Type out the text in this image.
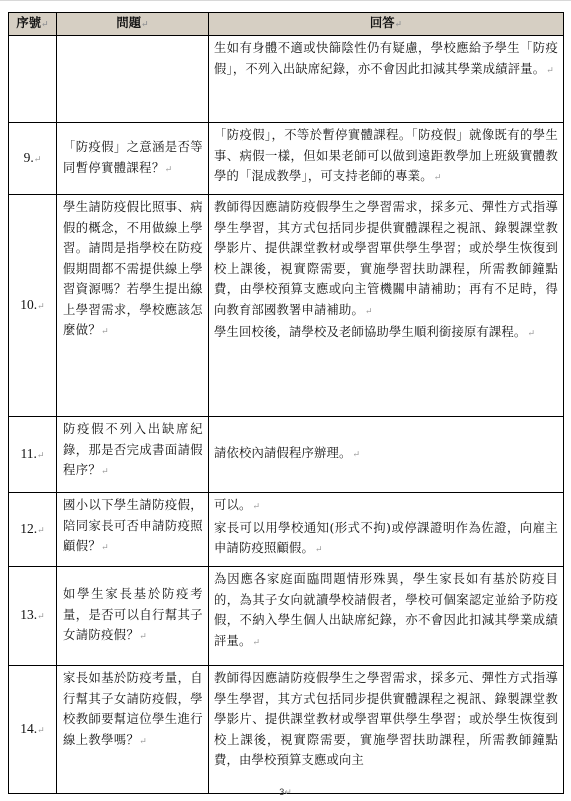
序號↵	問題↵	回答↵

		生如有身體不適或快篩陰性仍有疑慮，學校應給予學生「防疫假」，不列入出缺席紀錄，亦不會因此扣減其學業成績評量。 ↵

9.↵	「防疫假」之意涵是否等同暫停實體課程？↵	「防疫假」，不等於暫停實體課程。「防疫假」就像既有的學生事、病假一樣，但如果老師可以做到遠距教學加上班級實體教學的「混成教學」，可支持老師的專業。 ↵

10.↵	學生請防疫假比照事、病假的概念，不用做線上學習。請問是指學校在防疫假期間都不需提供線上學習資源嗎？若學生提出線上學習需求，學校應該怎麼做？↵	教師得因應請防疫假學生之學習需求，採多元、彈性方式指導學生學習，其方式包括同步提供實體課程之視訊、錄製課堂教學影片、提供課堂教材或學習單供學生學習；或於學生恢復到校上課後，視實際需要，實施學習扶助課程，所需教師鐘點費，由學校預算支應或向主管機關申請補助；再有不足時，得向教育部國教署申請補助。 ↵
學生回校後，請學校及老師協助學生順利銜接原有課程。 ↵

11.↵	防疫假不列入出缺席紀錄，那是否完成書面請假程序？↵	請依校內請假程序辦理。 ↵

12.↵	國小以下學生請防疫假，陪同家長可否申請防疫照顧假？↵	可以。 ↵
家長可以用學校通知(形式不拘)或停課證明作為佐證，向雇主申請防疫照顧假。 ↵

13.↵	如學生家長基於防疫考量，是否可以自行幫其子女請防疫假？↵	為因應各家庭面臨問題情形殊異，學生家長如有基於防疫目的，為其子女向就讀學校請假者，學校可個案認定並給予防疫假，不納入學生個人出缺席紀錄，亦不會因此扣減其學業成績評量。 ↵

14.↵	家長如基於防疫考量，自行幫其子女請防疫假，學校教師要幫這位學生進行線上教學嗎？↵	教師得因應請防疫假學生之學習需求，採多元、彈性方式指導學生學習，其方式包括同步提供實體課程之視訊、錄製課堂教學影片、提供課堂教材或學習單供學生學習；或於學生恢復到校上課後，視實際需要，實施學習扶助課程，所需教師鐘點費，由學校預算支應或向主
3↵
